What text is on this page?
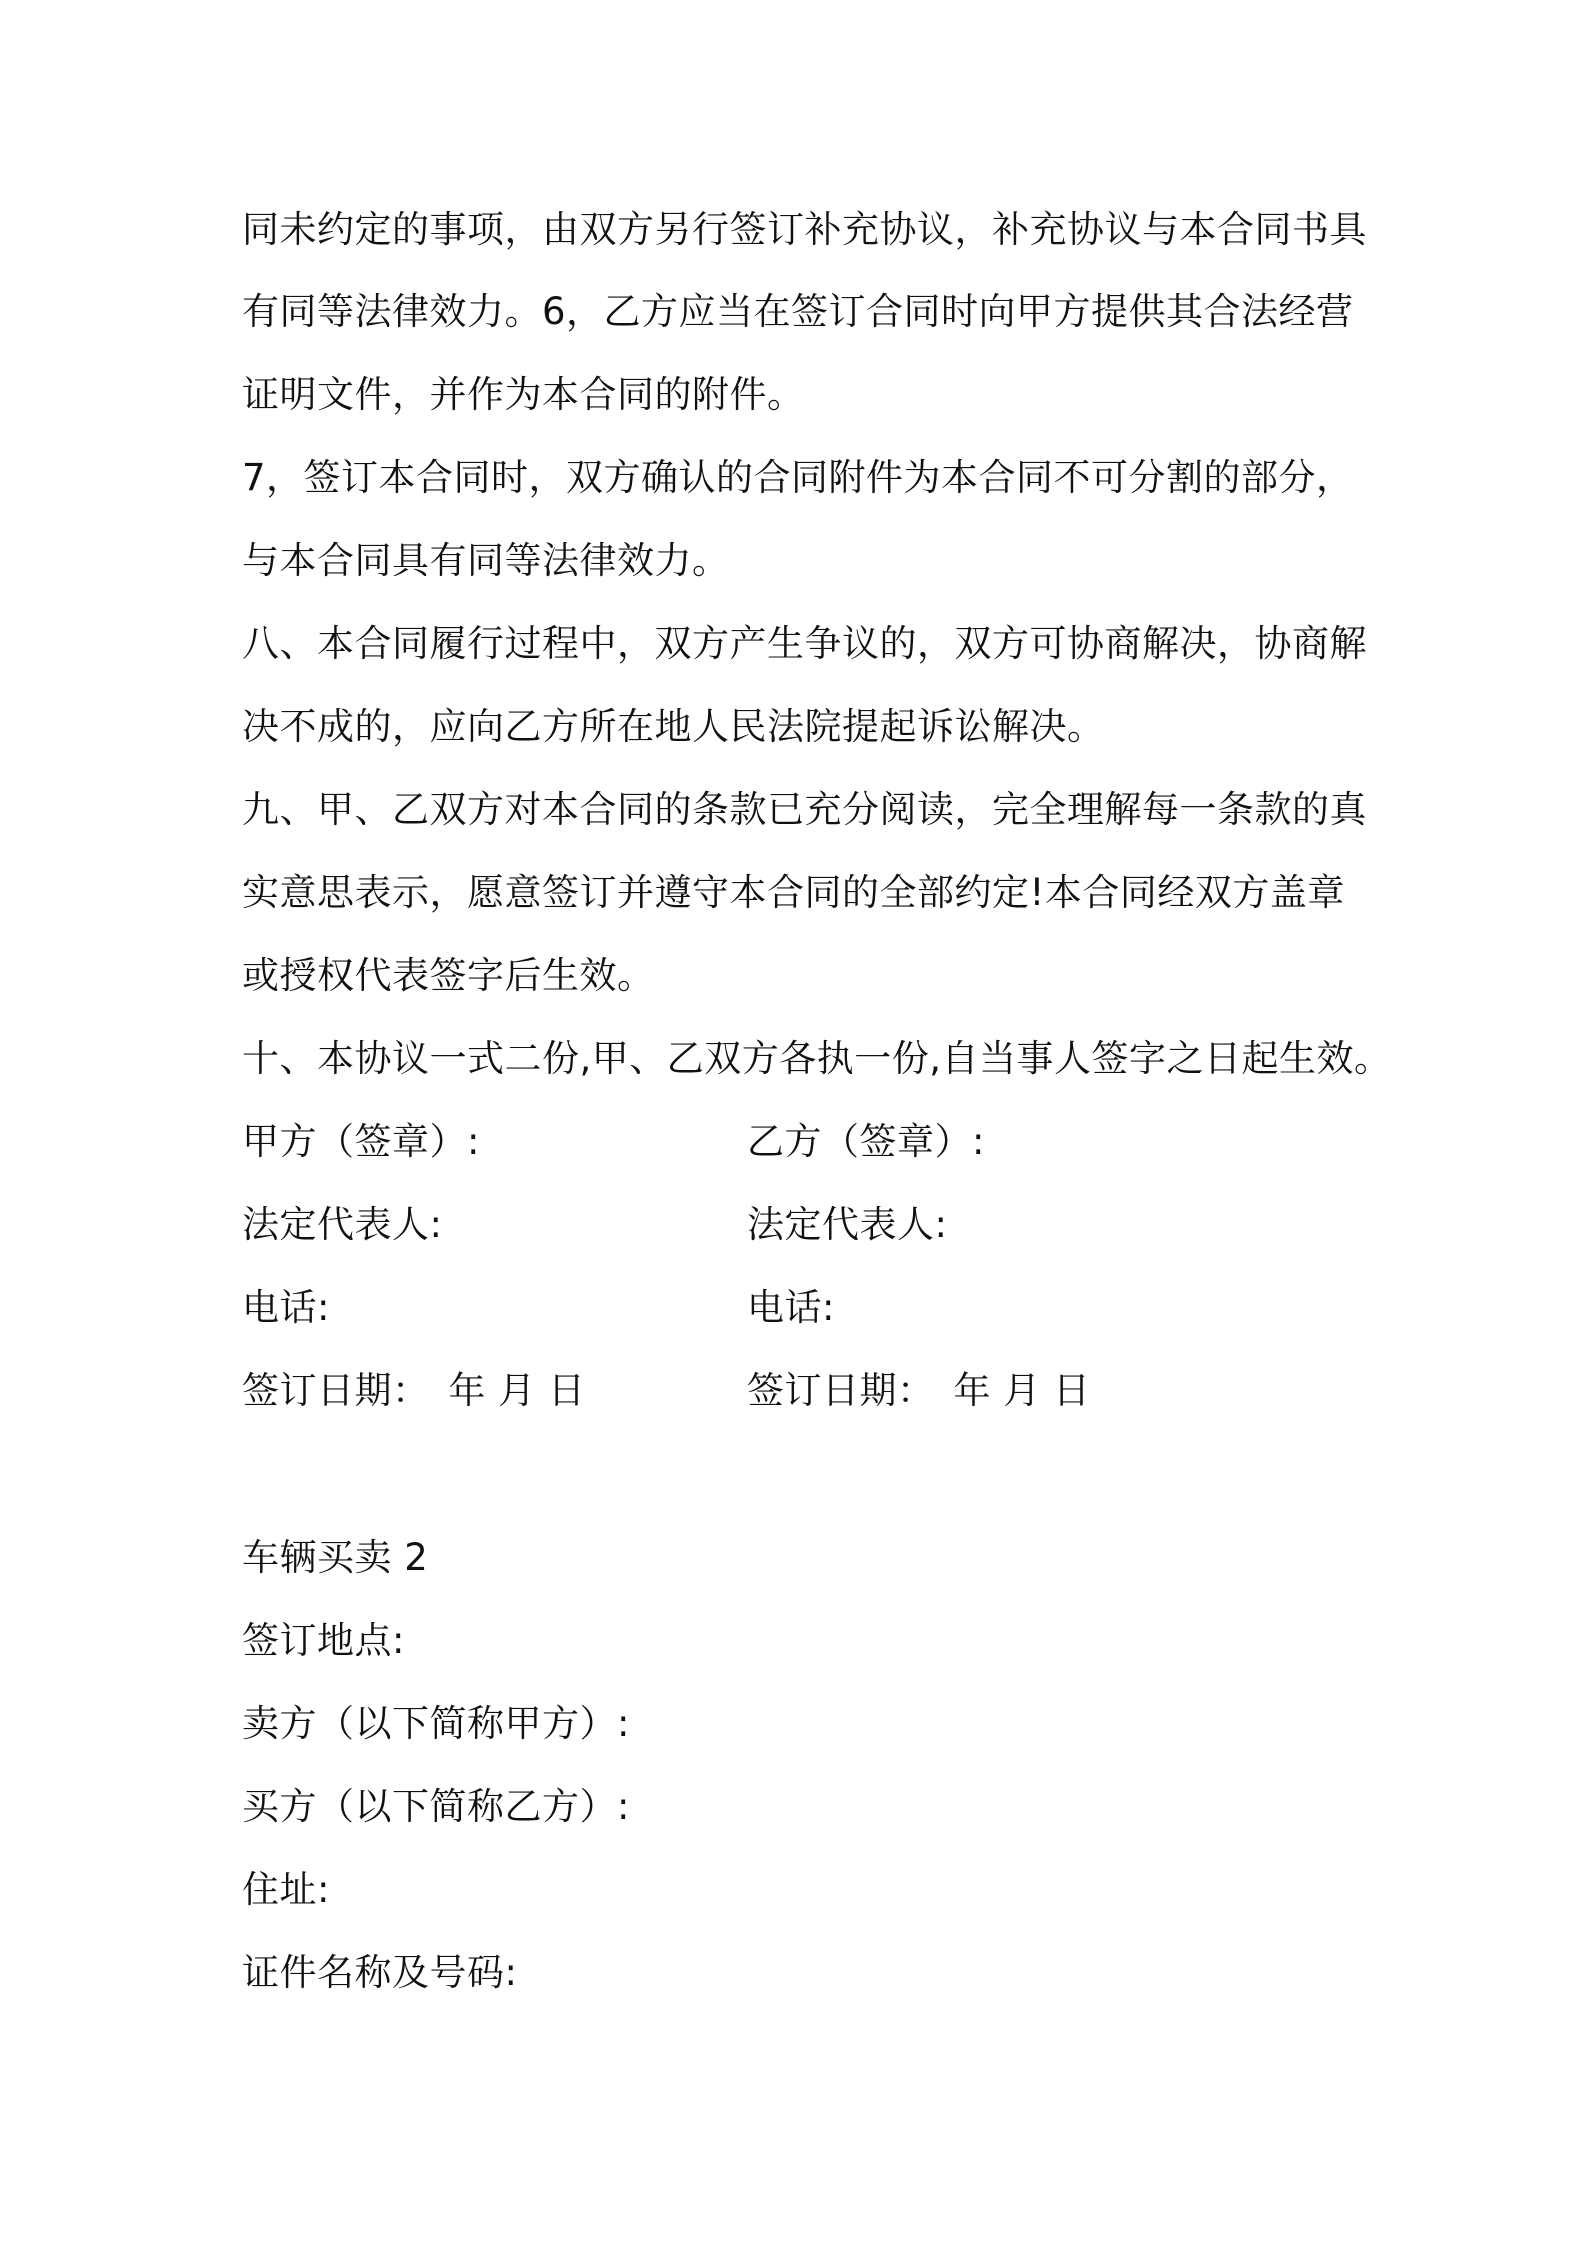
同未约定的事项，由双方另行签订补充协议，补充协议与本合同书具
有同等法律效力。6，乙方应当在签订合同时向甲方提供其合法经营
证明文件，并作为本合同的附件。
7，签订本合同时，双方确认的合同附件为本合同不可分割的部分，
与本合同具有同等法律效力。
八、本合同履行过程中，双方产生争议的，双方可协商解决，协商解
决不成的，应向乙方所在地人民法院提起诉讼解决。
九、甲、乙双方对本合同的条款已充分阅读，完全理解每一条款的真
实意思表示，愿意签订并遵守本合同的全部约定!本合同经双方盖章
或授权代表签字后生效。
十、本协议一式二份,甲、乙双方各执一份,自当事人签字之日起生效。
甲方（签章）:	乙方（签章）:
法定代表人:	法定代表人:
电话:	电话:
签订日期：　年 月 日	签订日期：　年 月 日
车辆买卖 2
签订地点:
卖方（以下简称甲方）:
买方（以下简称乙方）:
住址:
证件名称及号码:
